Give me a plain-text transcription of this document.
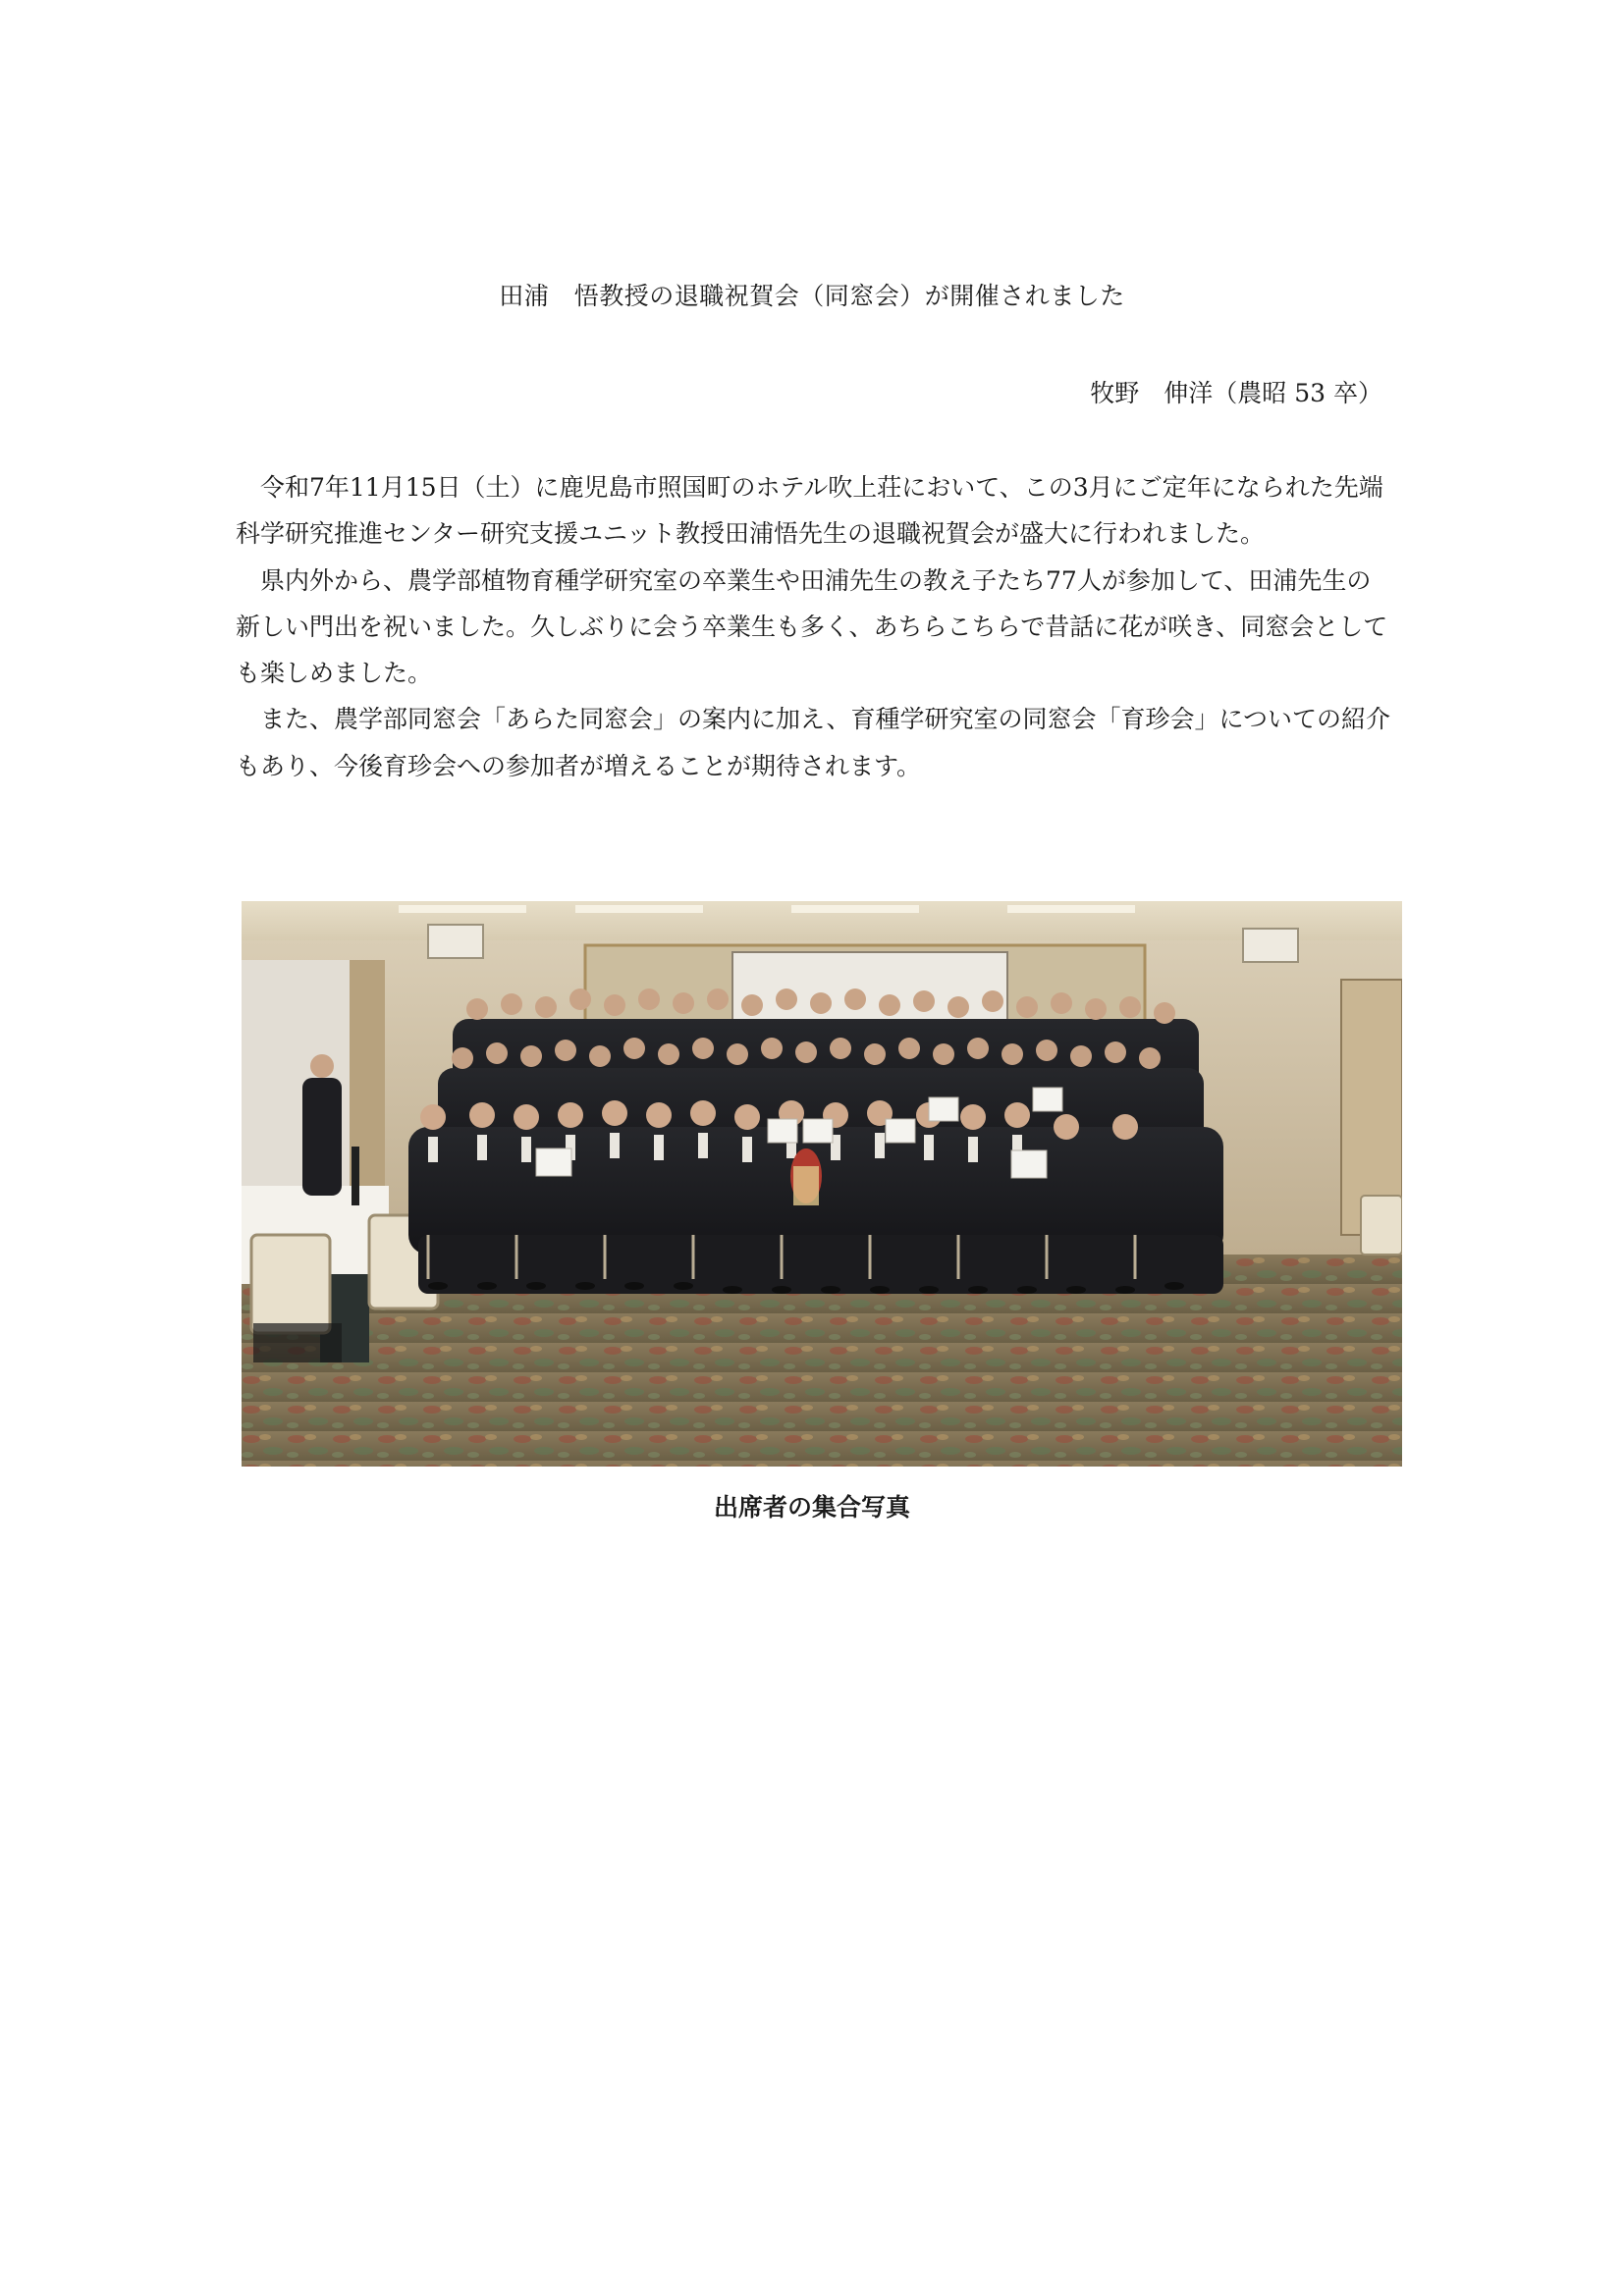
田浦　悟教授の退職祝賀会（同窓会）が開催されました
牧野　伸洋（農昭 53 卒）

令和7年11月15日（土）に鹿児島市照国町のホテル吹上荘において、この3月にご定年になられた先端科学研究推進センター研究支援ユニット教授田浦悟先生の退職祝賀会が盛大に行われました。

県内外から、農学部植物育種学研究室の卒業生や田浦先生の教え子たち77人が参加して、田浦先生の新しい門出を祝いました。久しぶりに会う卒業生も多く、あちらこちらで昔話に花が咲き、同窓会としても楽しめました。

また、農学部同窓会「あらた同窓会」の案内に加え、育種学研究室の同窓会「育珍会」についての紹介もあり、今後育珍会への参加者が増えることが期待されます。

出席者の集合写真
